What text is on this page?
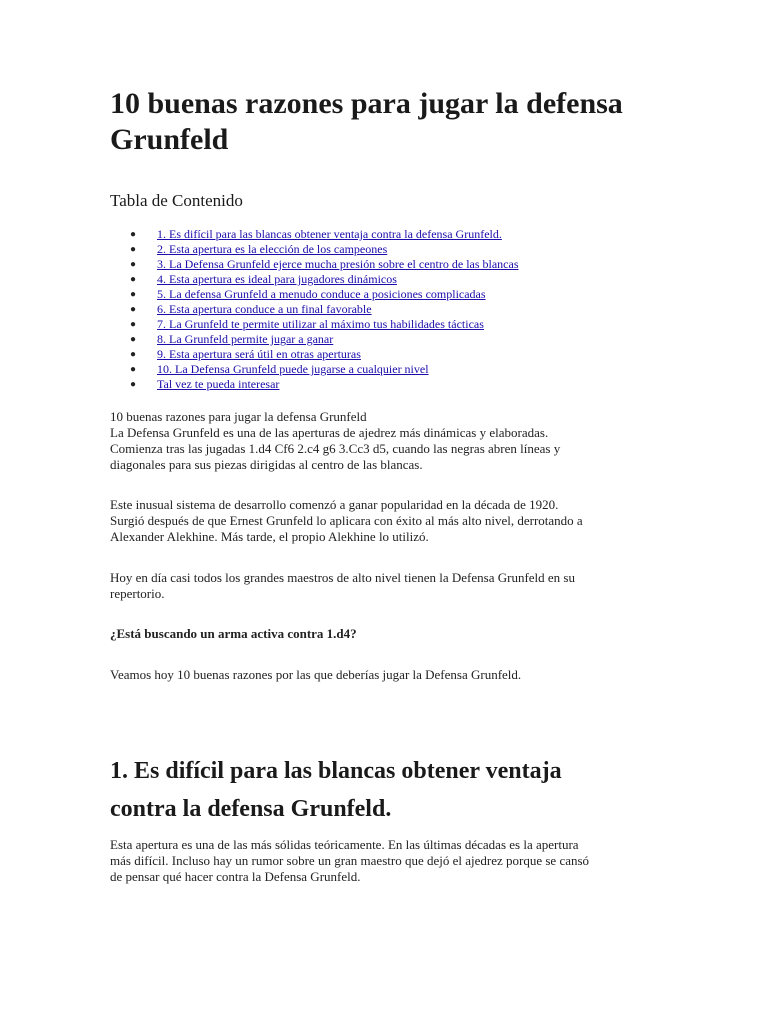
10 buenas razones para jugar la defensa Grunfeld
Tabla de Contenido
● 1. Es difícil para las blancas obtener ventaja contra la defensa Grunfeld.
● 2. Esta apertura es la elección de los campeones
● 3. La Defensa Grunfeld ejerce mucha presión sobre el centro de las blancas
● 4. Esta apertura es ideal para jugadores dinámicos
● 5. La defensa Grunfeld a menudo conduce a posiciones complicadas
● 6. Esta apertura conduce a un final favorable
● 7. La Grunfeld te permite utilizar al máximo tus habilidades tácticas
● 8. La Grunfeld permite jugar a ganar
● 9. Esta apertura será útil en otras aperturas
● 10. La Defensa Grunfeld puede jugarse a cualquier nivel
● Tal vez te pueda interesar

10 buenas razones para jugar la defensa Grunfeld
La Defensa Grunfeld es una de las aperturas de ajedrez más dinámicas y elaboradas.
Comienza tras las jugadas 1.d4 Cf6 2.c4 g6 3.Cc3 d5, cuando las negras abren líneas y
diagonales para sus piezas dirigidas al centro de las blancas.

Este inusual sistema de desarrollo comenzó a ganar popularidad en la década de 1920.
Surgió después de que Ernest Grunfeld lo aplicara con éxito al más alto nivel, derrotando a
Alexander Alekhine. Más tarde, el propio Alekhine lo utilizó.

Hoy en día casi todos los grandes maestros de alto nivel tienen la Defensa Grunfeld en su
repertorio.

¿Está buscando un arma activa contra 1.d4?

Veamos hoy 10 buenas razones por las que deberías jugar la Defensa Grunfeld.

1. Es difícil para las blancas obtener ventaja
contra la defensa Grunfeld.

Esta apertura es una de las más sólidas teóricamente. En las últimas décadas es la apertura
más difícil. Incluso hay un rumor sobre un gran maestro que dejó el ajedrez porque se cansó
de pensar qué hacer contra la Defensa Grunfeld.
